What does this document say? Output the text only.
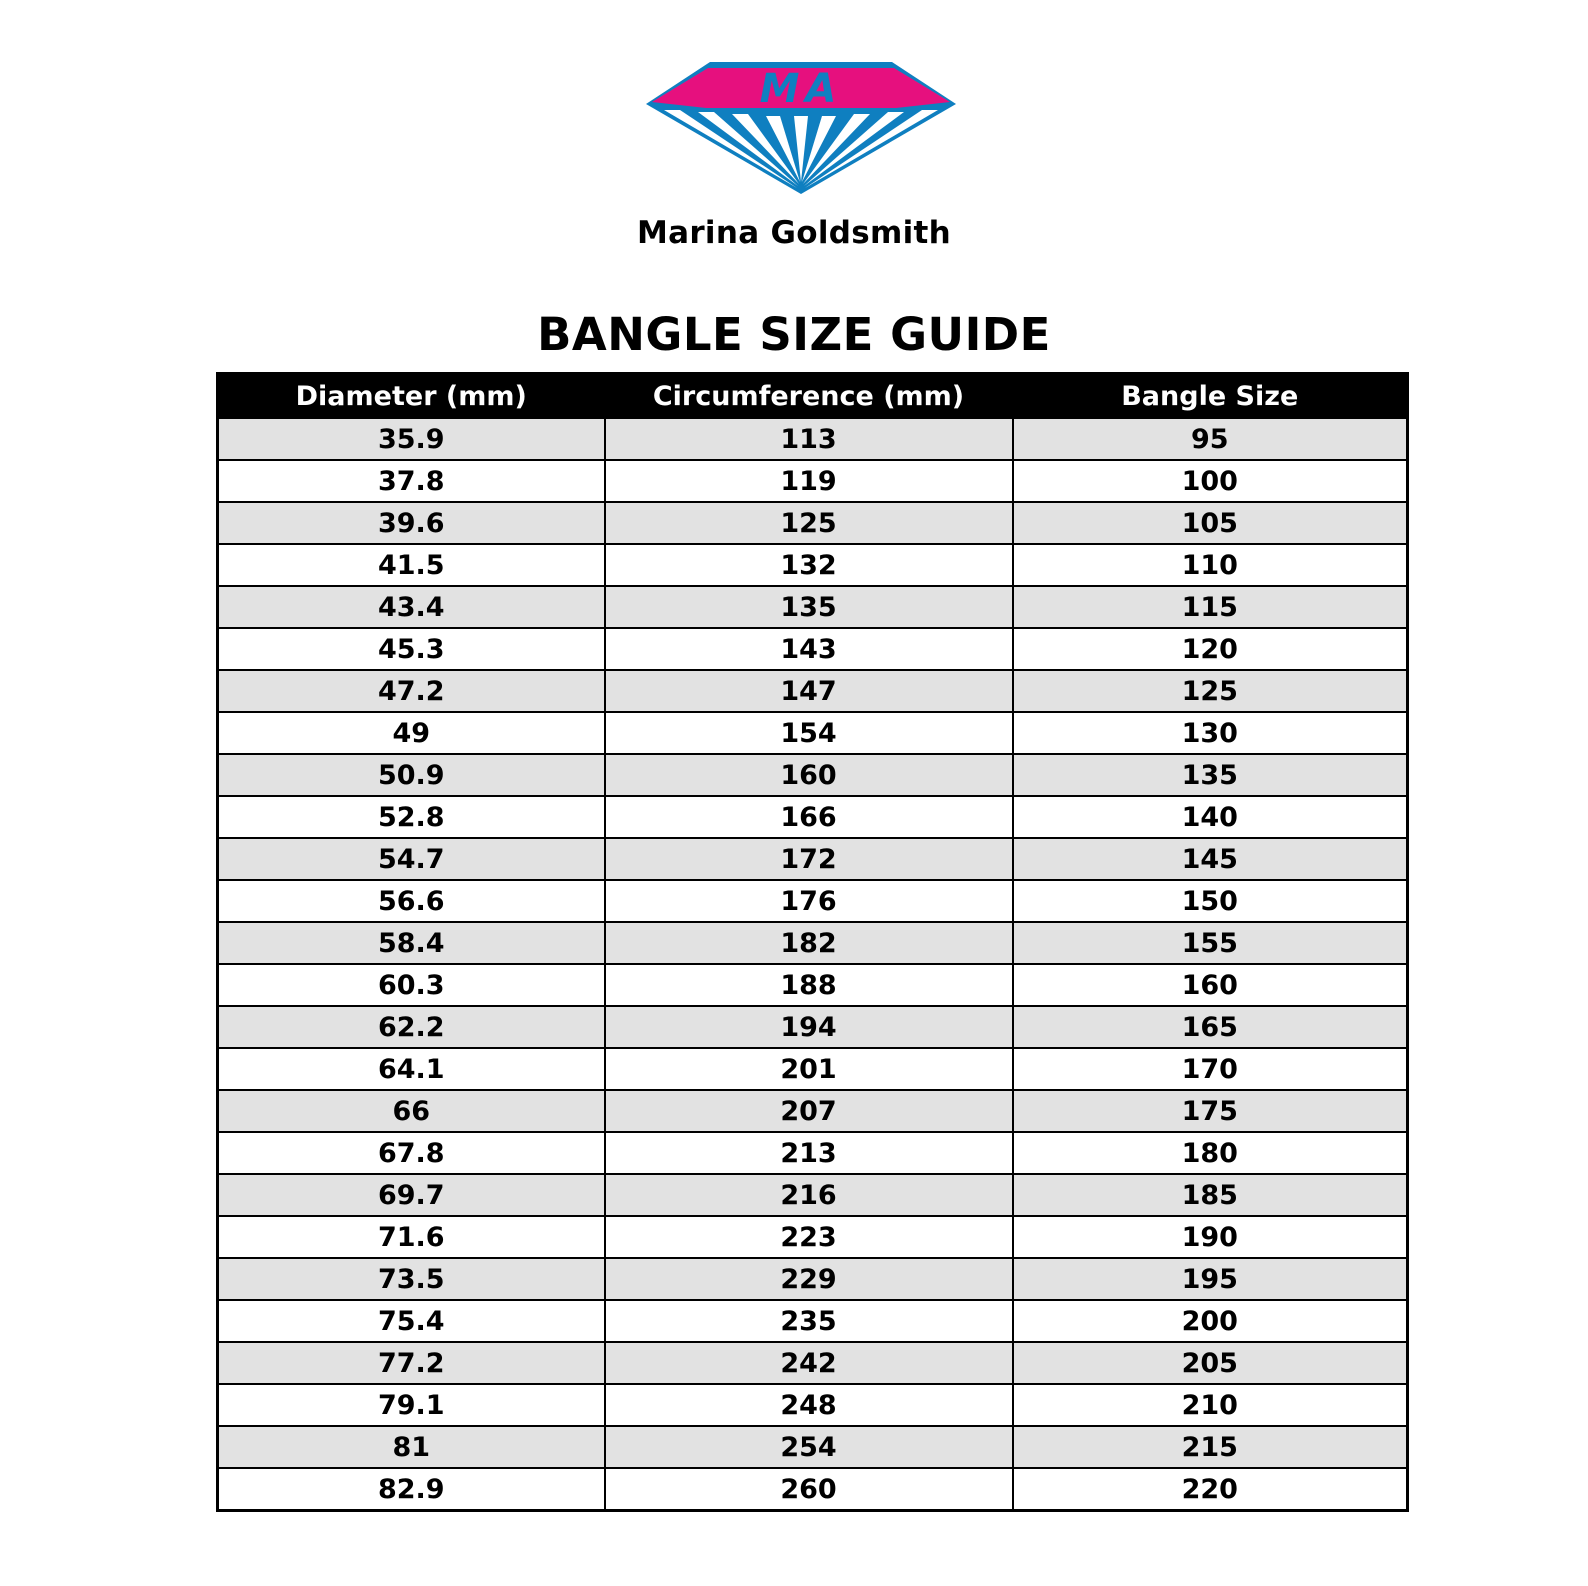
MA
Marina Goldsmith
BANGLE SIZE GUIDE
Diameter (mm)	Circumference (mm)	Bangle Size
35.9	113	95
37.8	119	100
39.6	125	105
41.5	132	110
43.4	135	115
45.3	143	120
47.2	147	125
49	154	130
50.9	160	135
52.8	166	140
54.7	172	145
56.6	176	150
58.4	182	155
60.3	188	160
62.2	194	165
64.1	201	170
66	207	175
67.8	213	180
69.7	216	185
71.6	223	190
73.5	229	195
75.4	235	200
77.2	242	205
79.1	248	210
81	254	215
82.9	260	220
